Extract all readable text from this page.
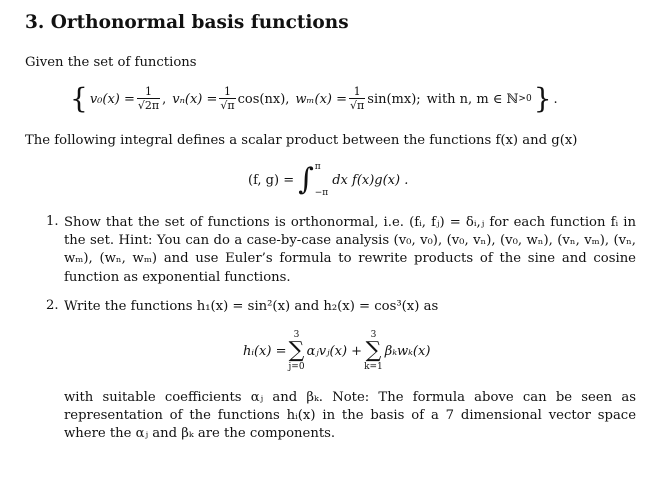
3. Orthonormal basis functions
Given the set of functions
{ $v_0(x) = \frac{1}{√2\pi}$ , $v_n(x) = \frac{1}{√\pi} \cos(nx)$, $w_m(x) = \frac{1}{√\pi} \sin(mx)$; with n, m ∈ ℕ >0 } .
The following integral defines a scalar product between the functions f(x) and g(x)
(f, g) = ∫ π
−π
dx f(x)g(x) .
1. Show that the set of functions is orthonormal, i.e. (fᵢ, fⱼ) = δᵢ,ⱼ for each function fᵢ in the set. Hint: You can do a case-by-case analysis (v₀, v₀), (v₀, vₙ), (v₀, wₙ), (vₙ, vₘ), (vₙ, wₘ), (wₙ, wₘ) and use Euler’s formula to rewrite products of the sine and cosine function as exponential functions.
2. Write the functions h₁(x) = sin²(x) and h₂(x) = cos³(x) as
hᵢ(x) =
3
∑
j=0
αⱼvⱼ(x) +
3
∑
k=1
βₖwₖ(x)
with suitable coefficients αⱼ and βₖ. Note: The formula above can be seen as representation of the functions hᵢ(x) in the basis of a 7 dimensional vector space where the αⱼ and βₖ are the components.
